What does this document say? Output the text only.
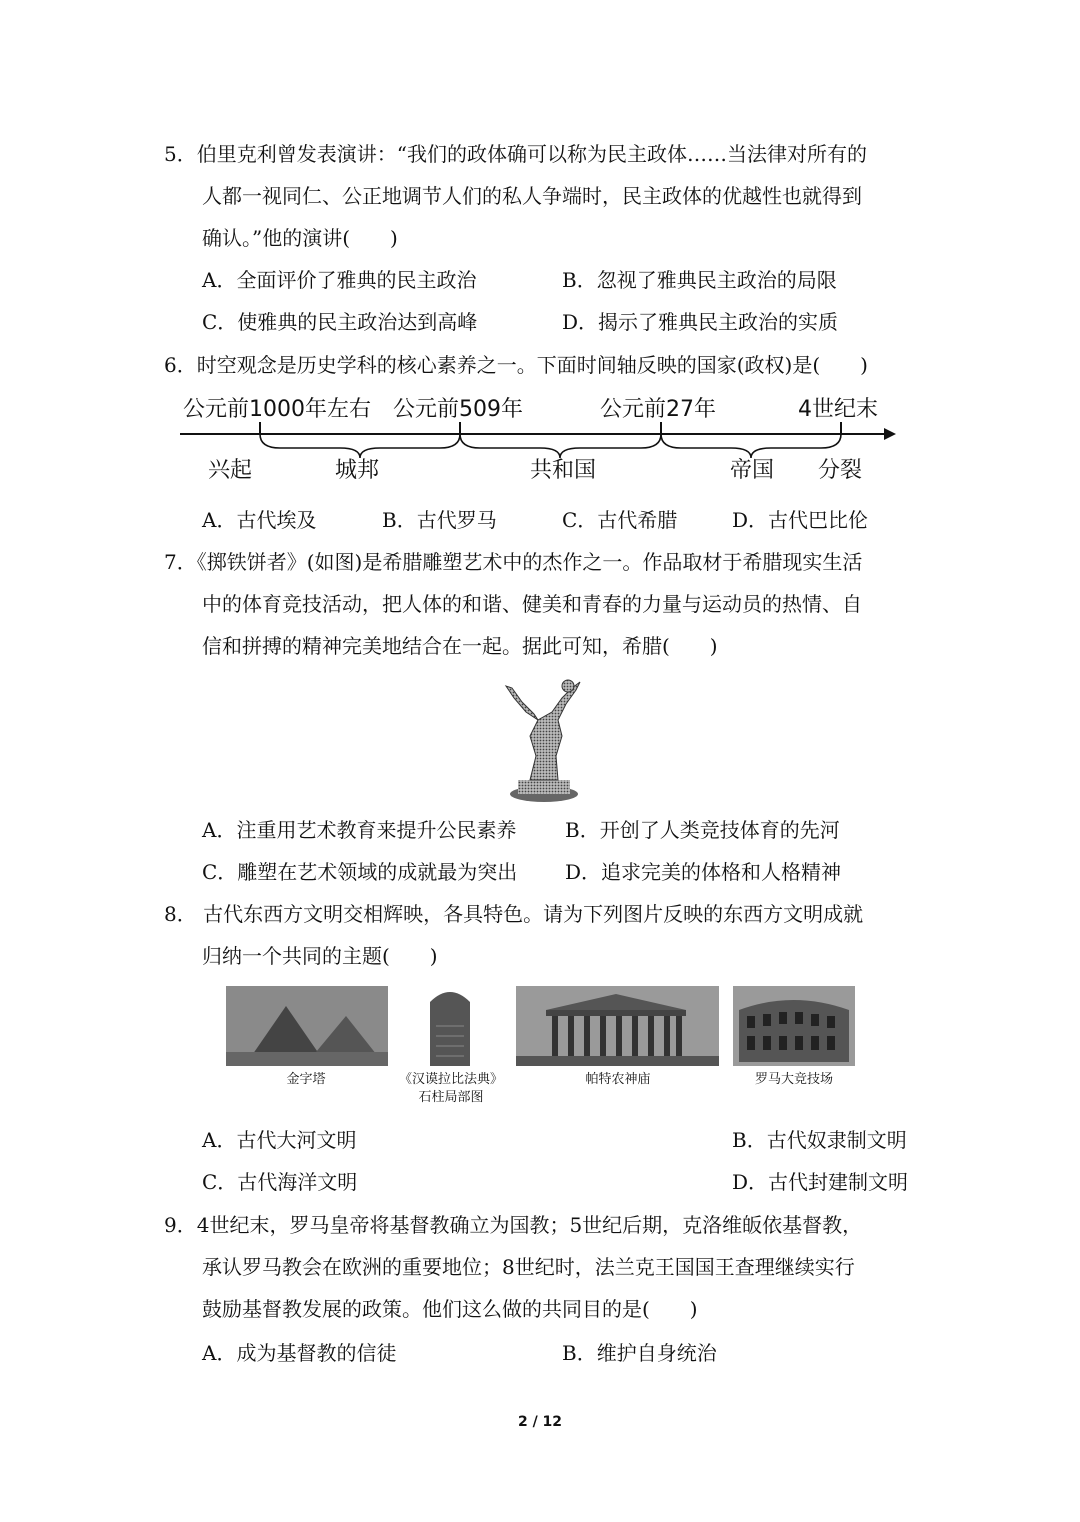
5．伯里克利曾发表演讲：“我们的政体确可以称为民主政体……当法律对所有的
人都一视同仁、公正地调节人们的私人争端时，民主政体的优越性也就得到
确认。”他的演讲(　　)
A．全面评价了雅典的民主政治	B．忽视了雅典民主政治的局限
C．使雅典的民主政治达到高峰	D．揭示了雅典民主政治的实质
6．时空观念是历史学科的核心素养之一。下面时间轴反映的国家(政权)是(　　)
公元前1000年左右 公元前509年	公元前27年	4世纪末
兴起	城邦	共和国	帝国 分裂
A．古代埃及	B．古代罗马	C．古代希腊	D．古代巴比伦
7．《掷铁饼者》(如图)是希腊雕塑艺术中的杰作之一。作品取材于希腊现实生活
中的体育竞技活动，把人体的和谐、健美和青春的力量与运动员的热情、自
信和拼搏的精神完美地结合在一起。据此可知，希腊(　　)
A．注重用艺术教育来提升公民素养 B．开创了人类竞技体育的先河
C．雕塑在艺术领域的成就最为突出 D．追求完美的体格和人格精神
8． 古代东西方文明交相辉映，各具特色。请为下列图片反映的东西方文明成就
归纳一个共同的主题(　　)
金字塔	《汉谟拉比法典》
石柱局部图
帕特农神庙	罗马大竞技场
A．古代大河文明	B．古代奴隶制文明
C．古代海洋文明	D．古代封建制文明
9．4世纪末，罗马皇帝将基督教确立为国教；5世纪后期，克洛维皈依基督教，
承认罗马教会在欧洲的重要地位；8世纪时，法兰克王国国王查理继续实行
鼓励基督教发展的政策。他们这么做的共同目的是(　　)
A．成为基督教的信徒	B．维护自身统治
2 / 12
